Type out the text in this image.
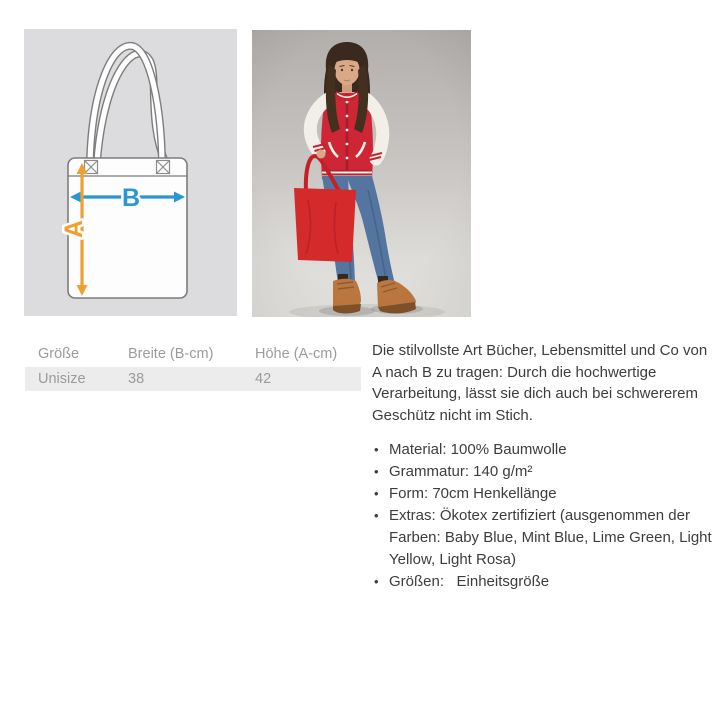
B
A
Größe	Breite (B-cm)	Höhe (A-cm)
Unisize	38	42

Die stilvollste Art Bücher, Lebensmittel und Co von A nach B zu tragen: Durch die hochwertige Verarbeitung, lässt sie dich auch bei schwererem Geschütz nicht im Stich.

• Material: 100% Baumwolle
• Grammatur: 140 g/m²
• Form: 70cm Henkellänge
• Extras: Ökotex zertifiziert (ausgenommen der Farben: Baby Blue, Mint Blue, Lime Green, Light Yellow, Light Rosa)
• Größen:   Einheitsgröße
